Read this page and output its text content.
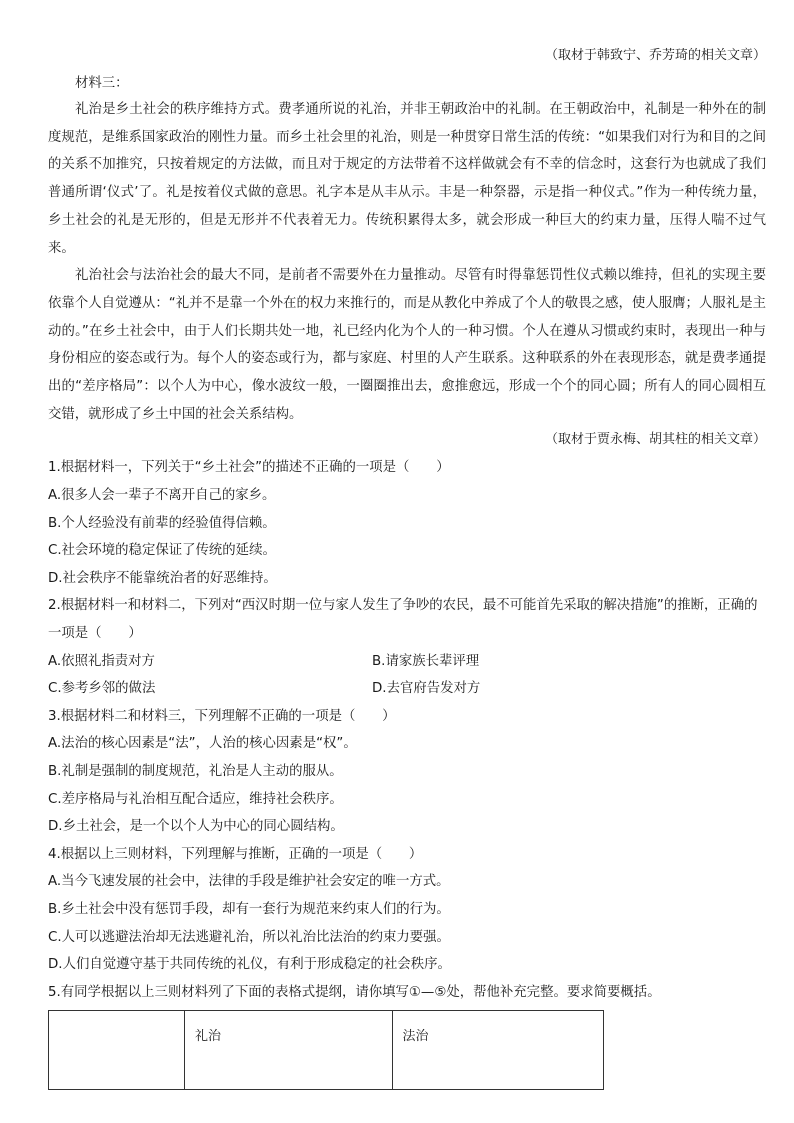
（取材于韩致宁、乔芳琦的相关文章）
材料三：
礼治是乡土社会的秩序维持方式。费孝通所说的礼治，并非王朝政治中的礼制。在王朝政治中，礼制是一种外在的制度规范，是维系国家政治的刚性力量。而乡土社会里的礼治，则是一种贯穿日常生活的传统：“如果我们对行为和目的之间的关系不加推究，只按着规定的方法做，而且对于规定的方法带着不这样做就会有不幸的信念时，这套行为也就成了我们普通所谓‘仪式’了。礼是按着仪式做的意思。礼字本是从丰从示。丰是一种祭器，示是指一种仪式。”作为一种传统力量，乡土社会的礼是无形的，但是无形并不代表着无力。传统积累得太多，就会形成一种巨大的约束力量，压得人喘不过气来。
礼治社会与法治社会的最大不同，是前者不需要外在力量推动。尽管有时得靠惩罚性仪式赖以维持，但礼的实现主要依靠个人自觉遵从：“礼并不是靠一个外在的权力来推行的，而是从教化中养成了个人的敬畏之感，使人服膺；人服礼是主动的。”在乡土社会中，由于人们长期共处一地，礼已经内化为个人的一种习惯。个人在遵从习惯或约束时，表现出一种与身份相应的姿态或行为。每个人的姿态或行为，都与家庭、村里的人产生联系。这种联系的外在表现形态，就是费孝通提出的“差序格局”：以个人为中心，像水波纹一般，一圈圈推出去，愈推愈远，形成一个个的同心圆；所有人的同心圆相互交错，就形成了乡土中国的社会关系结构。
（取材于贾永梅、胡其柱的相关文章）
1.根据材料一，下列关于“乡土社会”的描述不正确的一项是（　　）
A.很多人会一辈子不离开自己的家乡。
B.个人经验没有前辈的经验值得信赖。
C.社会环境的稳定保证了传统的延续。
D.社会秩序不能靠统治者的好恶维持。
2.根据材料一和材料二，下列对“西汉时期一位与家人发生了争吵的农民，最不可能首先采取的解决措施”的推断，正确的一项是（　　）
A.依照礼指责对方	B.请家族长辈评理
C.参考乡邻的做法	D.去官府告发对方
3.根据材料二和材料三，下列理解不正确的一项是（　　）
A.法治的核心因素是“法”，人治的核心因素是“权”。
B.礼制是强制的制度规范，礼治是人主动的服从。
C.差序格局与礼治相互配合适应，维持社会秩序。
D.乡土社会，是一个以个人为中心的同心圆结构。
4.根据以上三则材料，下列理解与推断，正确的一项是（　　）
A.当今飞速发展的社会中，法律的手段是维护社会安定的唯一方式。
B.乡土社会中没有惩罚手段，却有一套行为规范来约束人们的行为。
C.人可以逃避法治却无法逃避礼治，所以礼治比法治的约束力要强。
D.人们自觉遵守基于共同传统的礼仪，有利于形成稳定的社会秩序。
5.有同学根据以上三则材料列了下面的表格式提纲，请你填写①—⑤处，帮他补充完整。要求简要概括。
	礼治	法治
